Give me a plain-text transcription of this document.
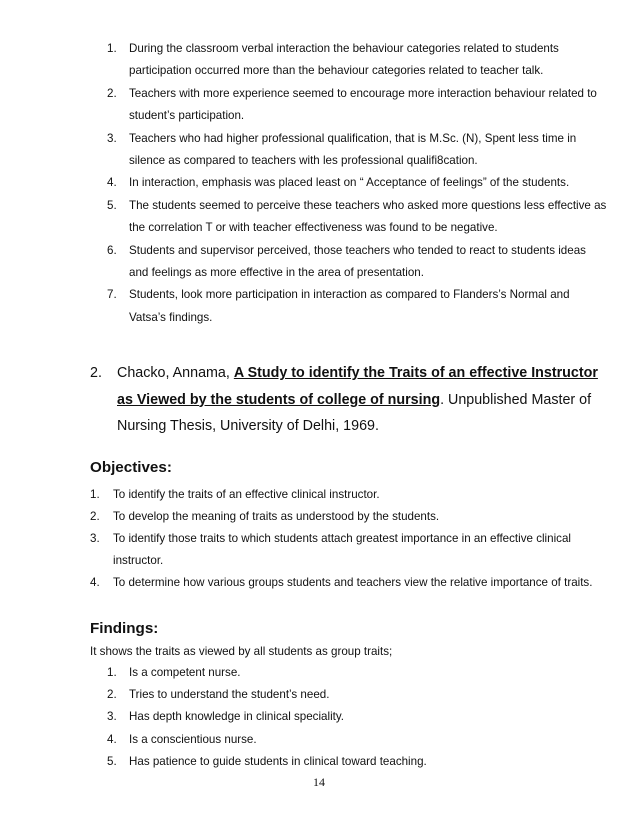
1. During the classroom verbal interaction the behaviour categories related to students participation occurred more than the behaviour categories related to teacher talk.
2. Teachers with more experience seemed to encourage more interaction behaviour related to student’s participation.
3. Teachers who had higher professional qualification, that is M.Sc. (N), Spent less time in silence as compared to teachers with les professional qualifi8cation.
4. In interaction, emphasis was placed least on “ Acceptance of feelings” of the students.
5. The students seemed to perceive these teachers who asked more questions less effective as the correlation T or with teacher effectiveness was found to be negative.
6. Students and supervisor perceived, those teachers who tended to react to students ideas and feelings as more effective in the area of presentation.
7. Students, look more participation in interaction as compared to Flanders’s Normal and Vatsa’s findings.
2.	Chacko, Annama, A Study to identify the Traits of an effective Instructor as Viewed by the students of college of nursing. Unpublished Master of Nursing Thesis, University of Delhi, 1969.
Objectives:
1. To identify the traits of an effective clinical instructor.
2. To develop the meaning of traits as understood by the students.
3. To identify those traits to which students attach greatest importance in an effective clinical instructor.
4. To determine how various groups students and teachers view the relative importance of traits.
Findings:

It shows the traits as viewed by all students as group traits;

1. Is a competent nurse.
2. Tries to understand the student’s need.
3. Has depth knowledge in clinical speciality.
4. Is a conscientious nurse.
5. Has patience to guide students in clinical toward teaching.
14
